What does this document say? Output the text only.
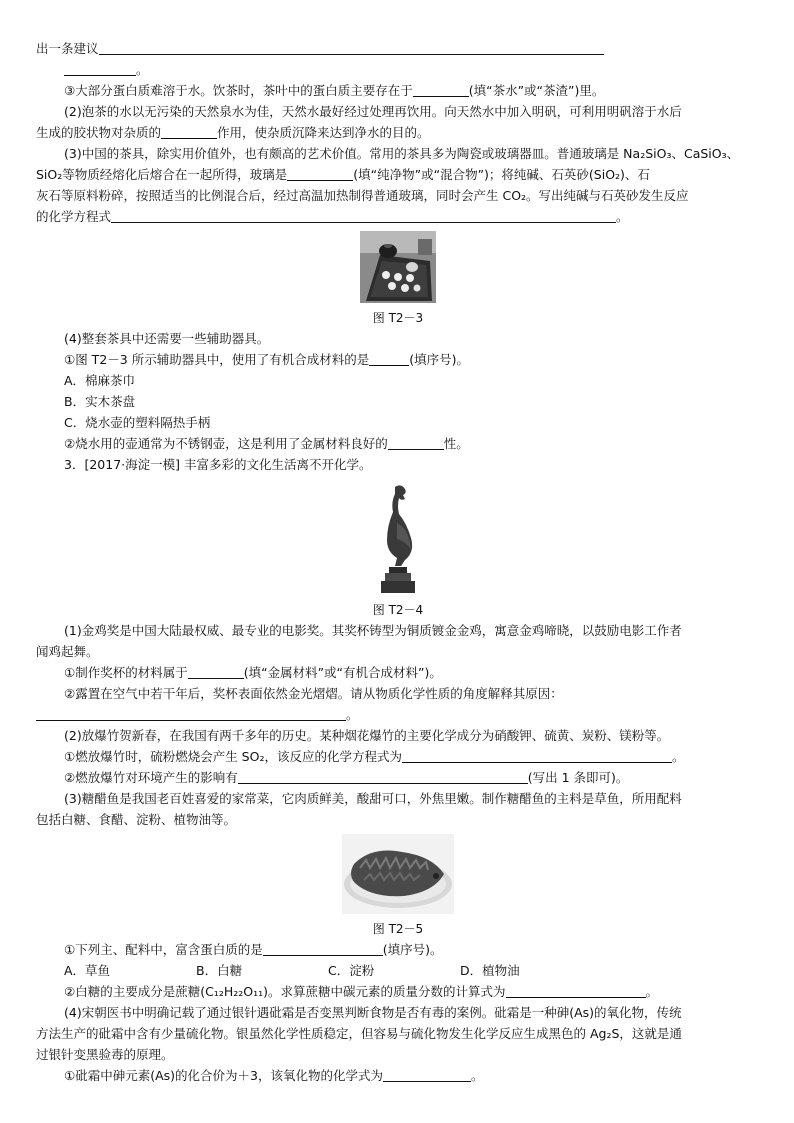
出一条建议
。
③大部分蛋白质难溶于水。饮茶时，茶叶中的蛋白质主要存在于	(填“茶水”或“茶渣”)里。
(2)泡茶的水以无污染的天然泉水为佳，天然水最好经过处理再饮用。向天然水中加入明矾，可利用明矾溶于水后
生成的胶状物对杂质的	作用，使杂质沉降来达到净水的目的。
(3)中国的茶具，除实用价值外，也有颇高的艺术价值。常用的茶具多为陶瓷或玻璃器皿。普通玻璃是 Na₂SiO₃、CaSiO₃、
SiO₂等物质经熔化后熔合在一起所得，玻璃是	(填“纯净物”或“混合物”)；将纯碱、石英砂(SiO₂)、石
灰石等原料粉碎，按照适当的比例混合后，经过高温加热制得普通玻璃，同时会产生 CO₂。写出纯碱与石英砂发生反应
的化学方程式	。
图 T2－3
(4)整套茶具中还需要一些辅助器具。
①图 T2－3 所示辅助器具中，使用了有机合成材料的是	(填序号)。
A．棉麻茶巾
B．实木茶盘
C．烧水壶的塑料隔热手柄
②烧水用的壶通常为不锈钢壶，这是利用了金属材料良好的	性。
3．[2017·海淀一模] 丰富多彩的文化生活离不开化学。
图 T2－4
(1)金鸡奖是中国大陆最权威、最专业的电影奖。其奖杯铸型为铜质镀金金鸡，寓意金鸡啼晓，以鼓励电影工作者
闻鸡起舞。
①制作奖杯的材料属于	(填“金属材料”或“有机合成材料”)。
②露置在空气中若干年后，奖杯表面依然金光熠熠。请从物质化学性质的角度解释其原因：
。
(2)放爆竹贺新春，在我国有两千多年的历史。某种烟花爆竹的主要化学成分为硝酸钾、硫黄、炭粉、镁粉等。
①燃放爆竹时，硫粉燃烧会产生 SO₂，该反应的化学方程式为	。
②燃放爆竹对环境产生的影响有	(写出 1 条即可)。
(3)糖醋鱼是我国老百姓喜爱的家常菜，它肉质鲜美，酸甜可口，外焦里嫩。制作糖醋鱼的主料是草鱼，所用配料
包括白糖、食醋、淀粉、植物油等。
图 T2－5
①下列主、配料中，富含蛋白质的是	(填序号)。
A．草鱼	B．白糖	C．淀粉	D．植物油
②白糖的主要成分是蔗糖(C₁₂H₂₂O₁₁)。求算蔗糖中碳元素的质量分数的计算式为	。
(4)宋朝医书中明确记载了通过银针遇砒霜是否变黑判断食物是否有毒的案例。砒霜是一种砷(As)的氧化物，传统
方法生产的砒霜中含有少量硫化物。银虽然化学性质稳定，但容易与硫化物发生化学反应生成黑色的 Ag₂S，这就是通
过银针变黑验毒的原理。
①砒霜中砷元素(As)的化合价为＋3，该氧化物的化学式为	。
